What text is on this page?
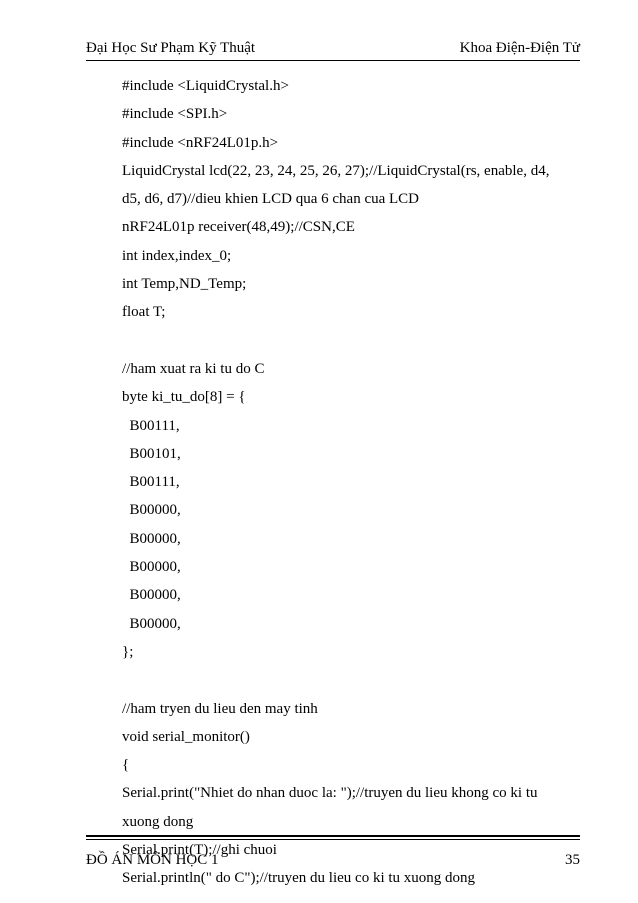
Đại Học Sư Phạm Kỹ Thuật	Khoa Điện-Điện Tử
#include <LiquidCrystal.h>
#include <SPI.h>
#include <nRF24L01p.h>
LiquidCrystal lcd(22, 23, 24, 25, 26, 27);//LiquidCrystal(rs, enable, d4,
d5, d6, d7)//dieu khien LCD qua 6 chan cua LCD
nRF24L01p receiver(48,49);//CSN,CE
int index,index_0;
int Temp,ND_Temp;
float T;
//ham xuat ra ki tu do C
byte ki_tu_do[8] = {
B00111,
B00101,
B00111,
B00000,
B00000,
B00000,
B00000,
B00000,
};
//ham tryen du lieu den may tinh
void serial_monitor()
{
Serial.print("Nhiet do nhan duoc la: ");//truyen du lieu khong co ki tu
xuong dong
Serial.print(T);//ghi chuoi
Serial.println(" do C");//truyen du lieu co ki tu xuong dong
ĐỒ ÁN MÔN HỌC 1	35
